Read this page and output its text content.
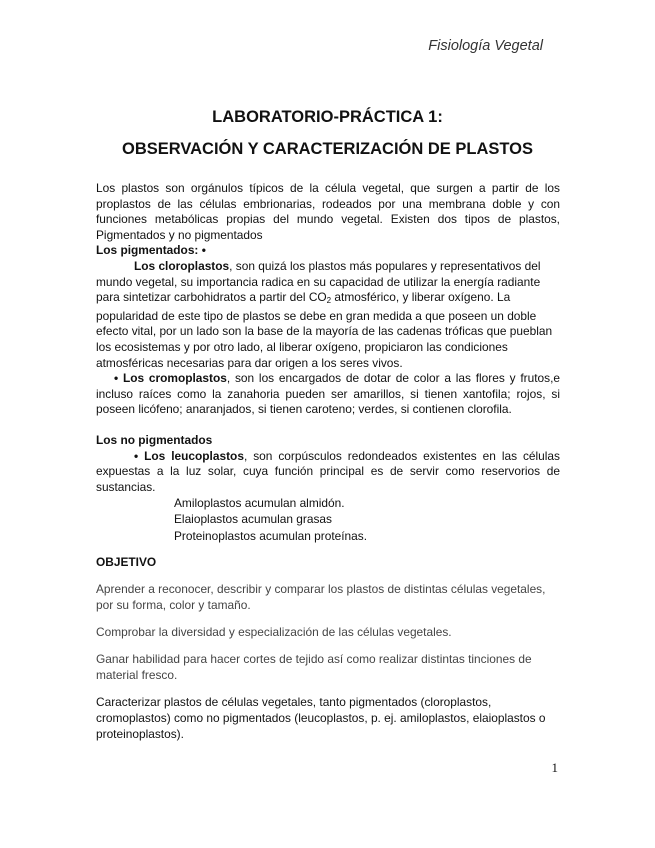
Fisiología Vegetal
LABORATORIO-PRÁCTICA 1:
OBSERVACIÓN Y CARACTERIZACIÓN DE PLASTOS

Los plastos son orgánulos típicos de la célula vegetal, que surgen a partir de los proplastos de las células embrionarias, rodeados por una membrana doble y con funciones metabólicas propias del mundo vegetal. Existen dos tipos de plastos, Pigmentados y no pigmentados

Los pigmentados: •

Los cloroplastos, son quizá los plastos más populares y representativos del mundo vegetal, su importancia radica en su capacidad de utilizar la energía radiante para sintetizar carbohidratos a partir del $CO_2$ atmosférico, y liberar oxígeno. La popularidad de este tipo de plastos se debe en gran medida a que poseen un doble efecto vital, por un lado son la base de la mayoría de las cadenas tróficas que pueblan los ecosistemas y por otro lado, al liberar oxígeno, propiciaron las condiciones atmosféricas necesarias para dar origen a los seres vivos.

• Los cromoplastos, son los encargados de dotar de color a las flores y frutos,e incluso raíces como la zanahoria pueden ser amarillos, si tienen xantofila; rojos, si poseen licófeno; anaranjados, si tienen caroteno; verdes, si contienen clorofila.

Los no pigmentados

• Los leucoplastos, son corpúsculos redondeados existentes en las células expuestas a la luz solar, cuya función principal es de servir como reservorios de sustancias.

Amiloplastos acumulan almidón.
Elaioplastos acumulan grasas
Proteinoplastos acumulan proteínas.

OBJETIVO

Aprender a reconocer, describir y comparar los plastos de distintas células vegetales, por su forma, color y tamaño.

Comprobar la diversidad y especialización de las células vegetales.

Ganar habilidad para hacer cortes de tejido así como realizar distintas tinciones de material fresco.

Caracterizar plastos de células vegetales, tanto pigmentados (cloroplastos, cromoplastos) como no pigmentados (leucoplastos, p. ej. amiloplastos, elaioplastos o proteinoplastos).

1
